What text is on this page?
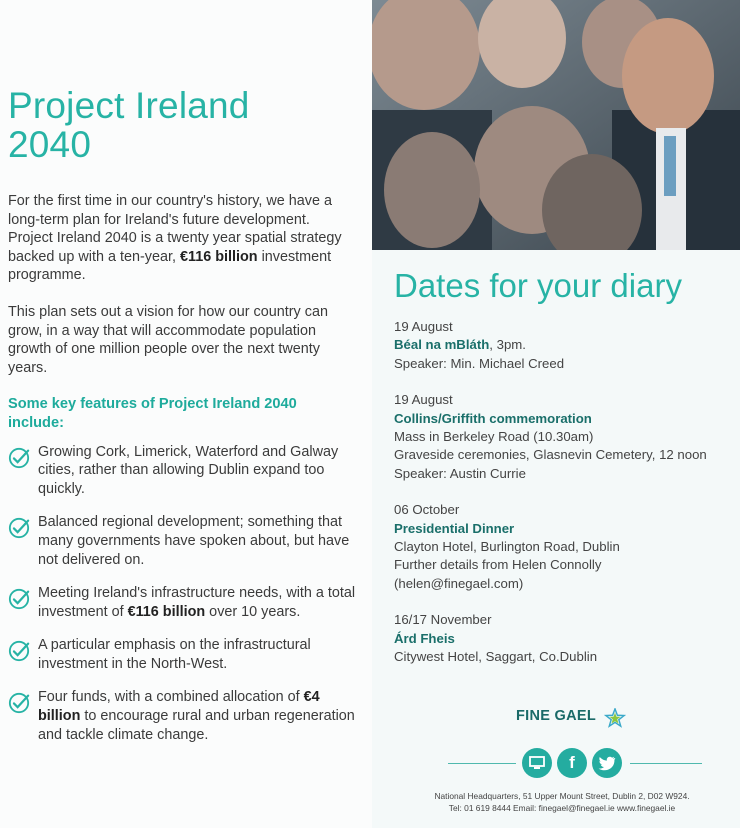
Project Ireland
2040

For the first time in our country's history, we have a long-term plan for Ireland's future development. Project Ireland 2040 is a twenty year spatial strategy backed up with a ten-year, €116 billion investment programme.

This plan sets out a vision for how our country can grow, in a way that will accommodate population growth of one million people over the next twenty years.

Some key features of Project Ireland 2040 include:
Growing Cork, Limerick, Waterford and Galway cities, rather than allowing Dublin expand too quickly.
Balanced regional development; something that many governments have spoken about, but have not delivered on.
Meeting Ireland's infrastructure needs, with a total investment of €116 billion over 10 years.
A particular emphasis on the infrastructural investment in the North-West.
Four funds, with a combined allocation of €4 billion to encourage rural and urban regeneration and tackle climate change.
Dates for your diary
19 August
Béal na mBláth, 3pm.
Speaker: Min. Michael Creed
19 August
Collins/Griffith commemoration
Mass in Berkeley Road (10.30am)
Graveside ceremonies, Glasnevin Cemetery, 12 noon
Speaker: Austin Currie
06 October
Presidential Dinner
Clayton Hotel, Burlington Road, Dublin
Further details from Helen Connolly
(helen@finegael.com)
16/17 November
Árd Fheis
Citywest Hotel, Saggart, Co.Dublin
FINE GAEL
f
National Headquarters, 51 Upper Mount Street, Dublin 2, D02 W924.
Tel: 01 619 8444 Email: finegael@finegael.ie www.finegael.ie
